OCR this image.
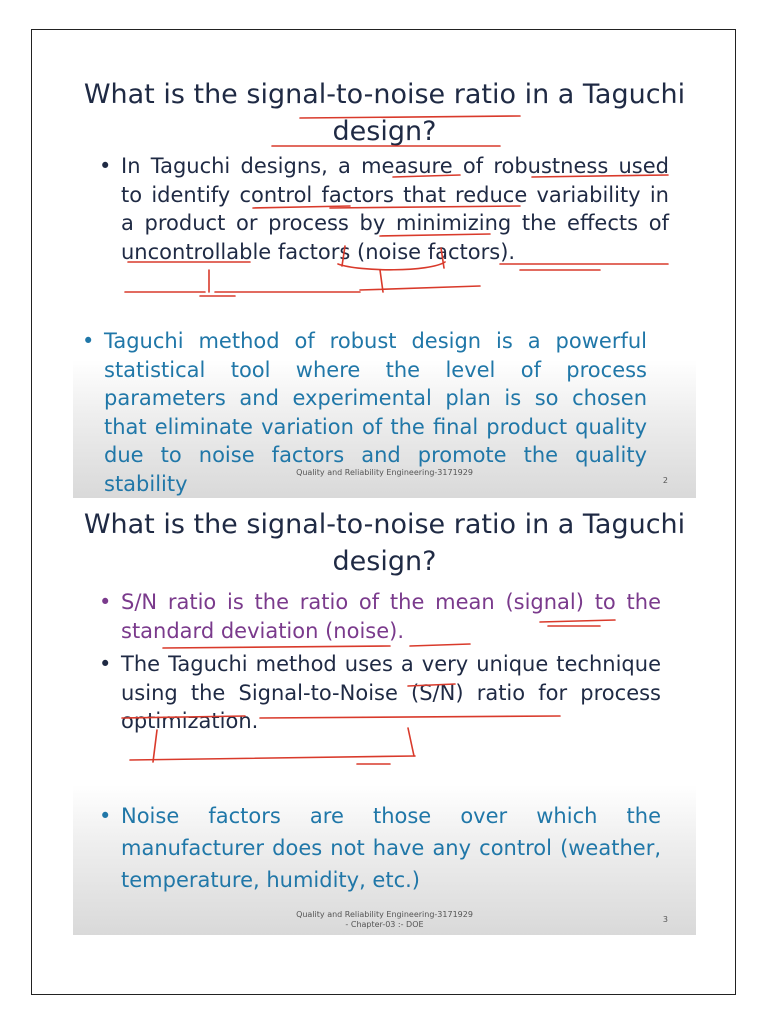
What is the signal-to-noise ratio in a Taguchi design?
• In Taguchi designs, a measure of robustness used to identify control factors that reduce variability in a product or process by minimizing the effects of uncontrollable factors (noise factors).
• Taguchi method of robust design is a powerful statistical tool where the level of process parameters and experimental plan is so chosen that eliminate variation of the final product quality due to noise factors and promote the quality stability	Quality and Reliability Engineering-3171929
2
What is the signal-to-noise ratio in a Taguchi design?
• S/N ratio is the ratio of the mean (signal) to the standard deviation (noise).
• The Taguchi method uses a very unique technique using the Signal-to-Noise (S/N) ratio for process optimization.
• Noise factors are those over which the manufacturer does not have any control (weather, temperature, humidity, etc.)
Quality and Reliability Engineering-3171929
- Chapter-03 :- DOE
3
